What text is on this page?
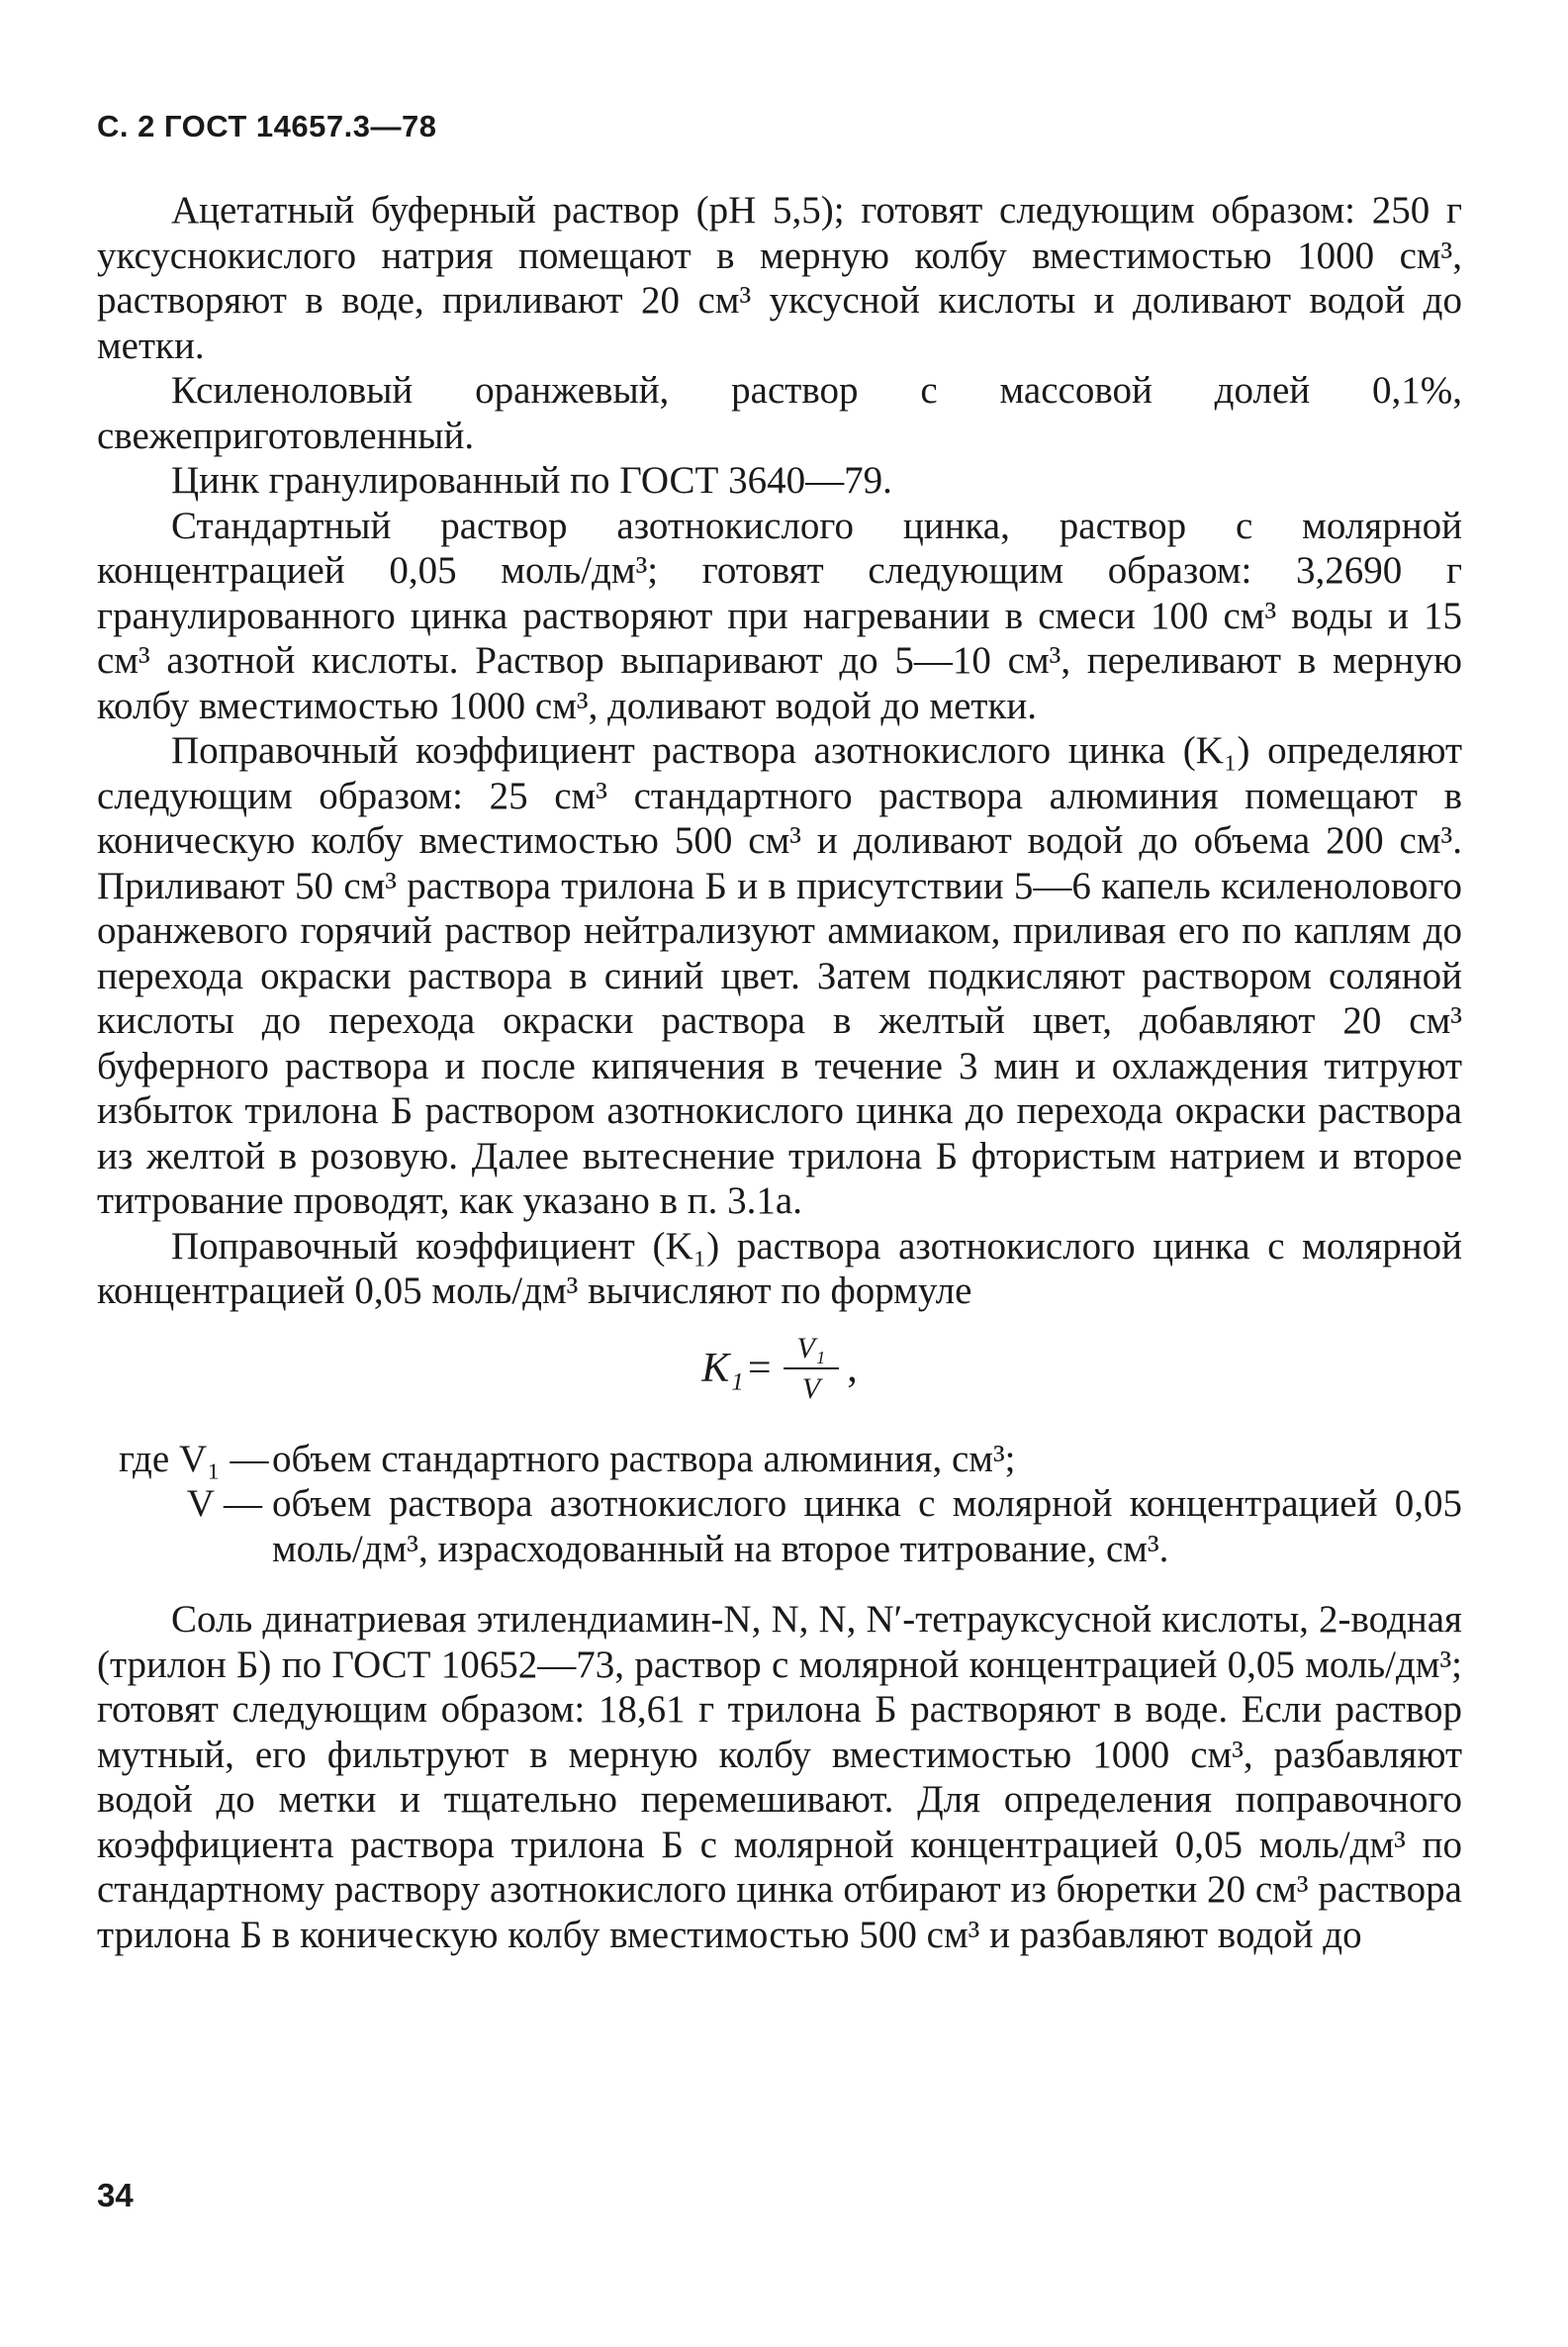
С. 2 ГОСТ 14657.3—78

Ацетатный буферный раствор (рН 5,5); готовят следующим образом: 250 г уксуснокислого натрия помещают в мерную колбу вместимостью 1000 см³, растворяют в воде, приливают 20 см³ уксусной кислоты и доливают водой до метки.

Ксиленоловый оранжевый, раствор с массовой долей 0,1%, свежеприготовленный.

Цинк гранулированный по ГОСТ 3640—79.

Стандартный раствор азотнокислого цинка, раствор с молярной концентрацией 0,05 моль/дм³; готовят следующим образом: 3,2690 г гранулированного цинка растворяют при нагревании в смеси 100 см³ воды и 15 см³ азотной кислоты. Раствор выпаривают до 5—10 см³, переливают в мерную колбу вместимостью 1000 см³, доливают водой до метки.

Поправочный коэффициент раствора азотнокислого цинка (K₁) определяют следующим образом: 25 см³ стандартного раствора алюминия помещают в коническую колбу вместимостью 500 см³ и доливают водой до объема 200 см³. Приливают 50 см³ раствора трилона Б и в присутствии 5—6 капель ксиленолового оранжевого горячий раствор нейтрализуют аммиаком, приливая его по каплям до перехода окраски раствора в синий цвет. Затем подкисляют раствором соляной кислоты до перехода окраски раствора в желтый цвет, добавляют 20 см³ буферного раствора и после кипячения в течение 3 мин и охлаждения титруют избыток трилона Б раствором азотнокислого цинка до перехода окраски раствора из желтой в розовую. Далее вытеснение трилона Б фтористым натрием и второе титрование проводят, как указано в п. 3.1а.

Поправочный коэффициент (K₁) раствора азотнокислого цинка с молярной концентрацией 0,05 моль/дм³ вычисляют по формуле

$K_1 = \frac{\text{V₁}}{V}$ ,
где V₁ — объем стандартного раствора алюминия, см³;
V — объем раствора азотнокислого цинка с молярной концентрацией 0,05 моль/дм³, израсходованный на второе титрование, см³.

Соль динатриевая этилендиамин-N, N, N, N′-тетрауксусной кислоты, 2-водная (трилон Б) по ГОСТ 10652—73, раствор с молярной концентрацией 0,05 моль/дм³; готовят следующим образом: 18,61 г трилона Б растворяют в воде. Если раствор мутный, его фильтруют в мерную колбу вместимостью 1000 см³, разбавляют водой до метки и тщательно перемешивают. Для определения поправочного коэффициента раствора трилона Б с молярной концентрацией 0,05 моль/дм³ по стандартному раствору азотнокислого цинка отбирают из бюретки 20 см³ раствора трилона Б в коническую колбу вместимостью 500 см³ и разбавляют водой до

34
